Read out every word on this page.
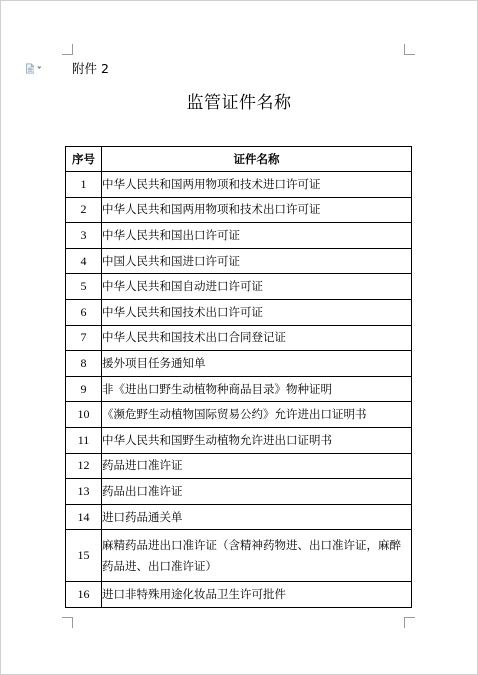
附件 2
监管证件名称
序号	证件名称
1	中华人民共和国两用物项和技术进口许可证
2	中华人民共和国两用物项和技术出口许可证
3	中华人民共和国出口许可证
4	中国人民共和国进口许可证
5	中华人民共和国自动进口许可证
6	中华人民共和国技术出口许可证
7	中华人民共和国技术出口合同登记证
8	援外项目任务通知单
9	非《进出口野生动植物种商品目录》物种证明
10	《濒危野生动植物国际贸易公约》允许进出口证明书
11	中华人民共和国野生动植物允许进出口证明书
12	药品进口准许证
13	药品出口准许证
14	进口药品通关单
15	麻精药品进出口准许证（含精神药物进、出口准许证，麻醉药品进、出口准许证）
16	进口非特殊用途化妆品卫生许可批件
